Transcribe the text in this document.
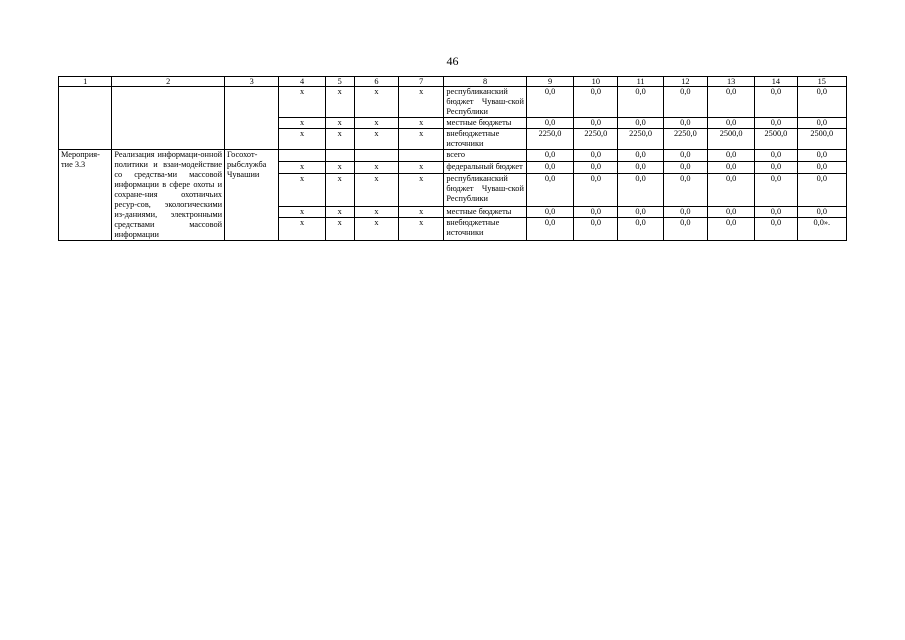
46
1	2	3	4	5	6	7	8	9	10	11	12	13	14	15
			х	х	х	х	республиканский бюджет Чуваш-ской Республики	0,0	0,0	0,0	0,0	0,0	0,0	0,0
			х	х	х	х	местные бюджеты	0,0	0,0	0,0	0,0	0,0	0,0	0,0
			х	х	х	х	внебюджетные источники	2250,0	2250,0	2250,0	2250,0	2500,0	2500,0	2500,0
Мероприя-тие 3.3	Реализация информаци-онной политики и взаи-модействие со средства-ми массовой информации в сфере охоты и сохране-ния охотничьих ресур-сов, экологическими из-даниями, электронными средствами массовой информации	Госохот-рыбслужба Чувашии					всего	0,0	0,0	0,0	0,0	0,0	0,0	0,0
			х	х	х	х	федеральный бюджет	0,0	0,0	0,0	0,0	0,0	0,0	0,0
			х	х	х	х	республиканский бюджет Чуваш-ской Республики	0,0	0,0	0,0	0,0	0,0	0,0	0,0
			х	х	х	х	местные бюджеты	0,0	0,0	0,0	0,0	0,0	0,0	0,0
			х	х	х	х	внебюджетные источники	0,0	0,0	0,0	0,0	0,0	0,0	0,0».
